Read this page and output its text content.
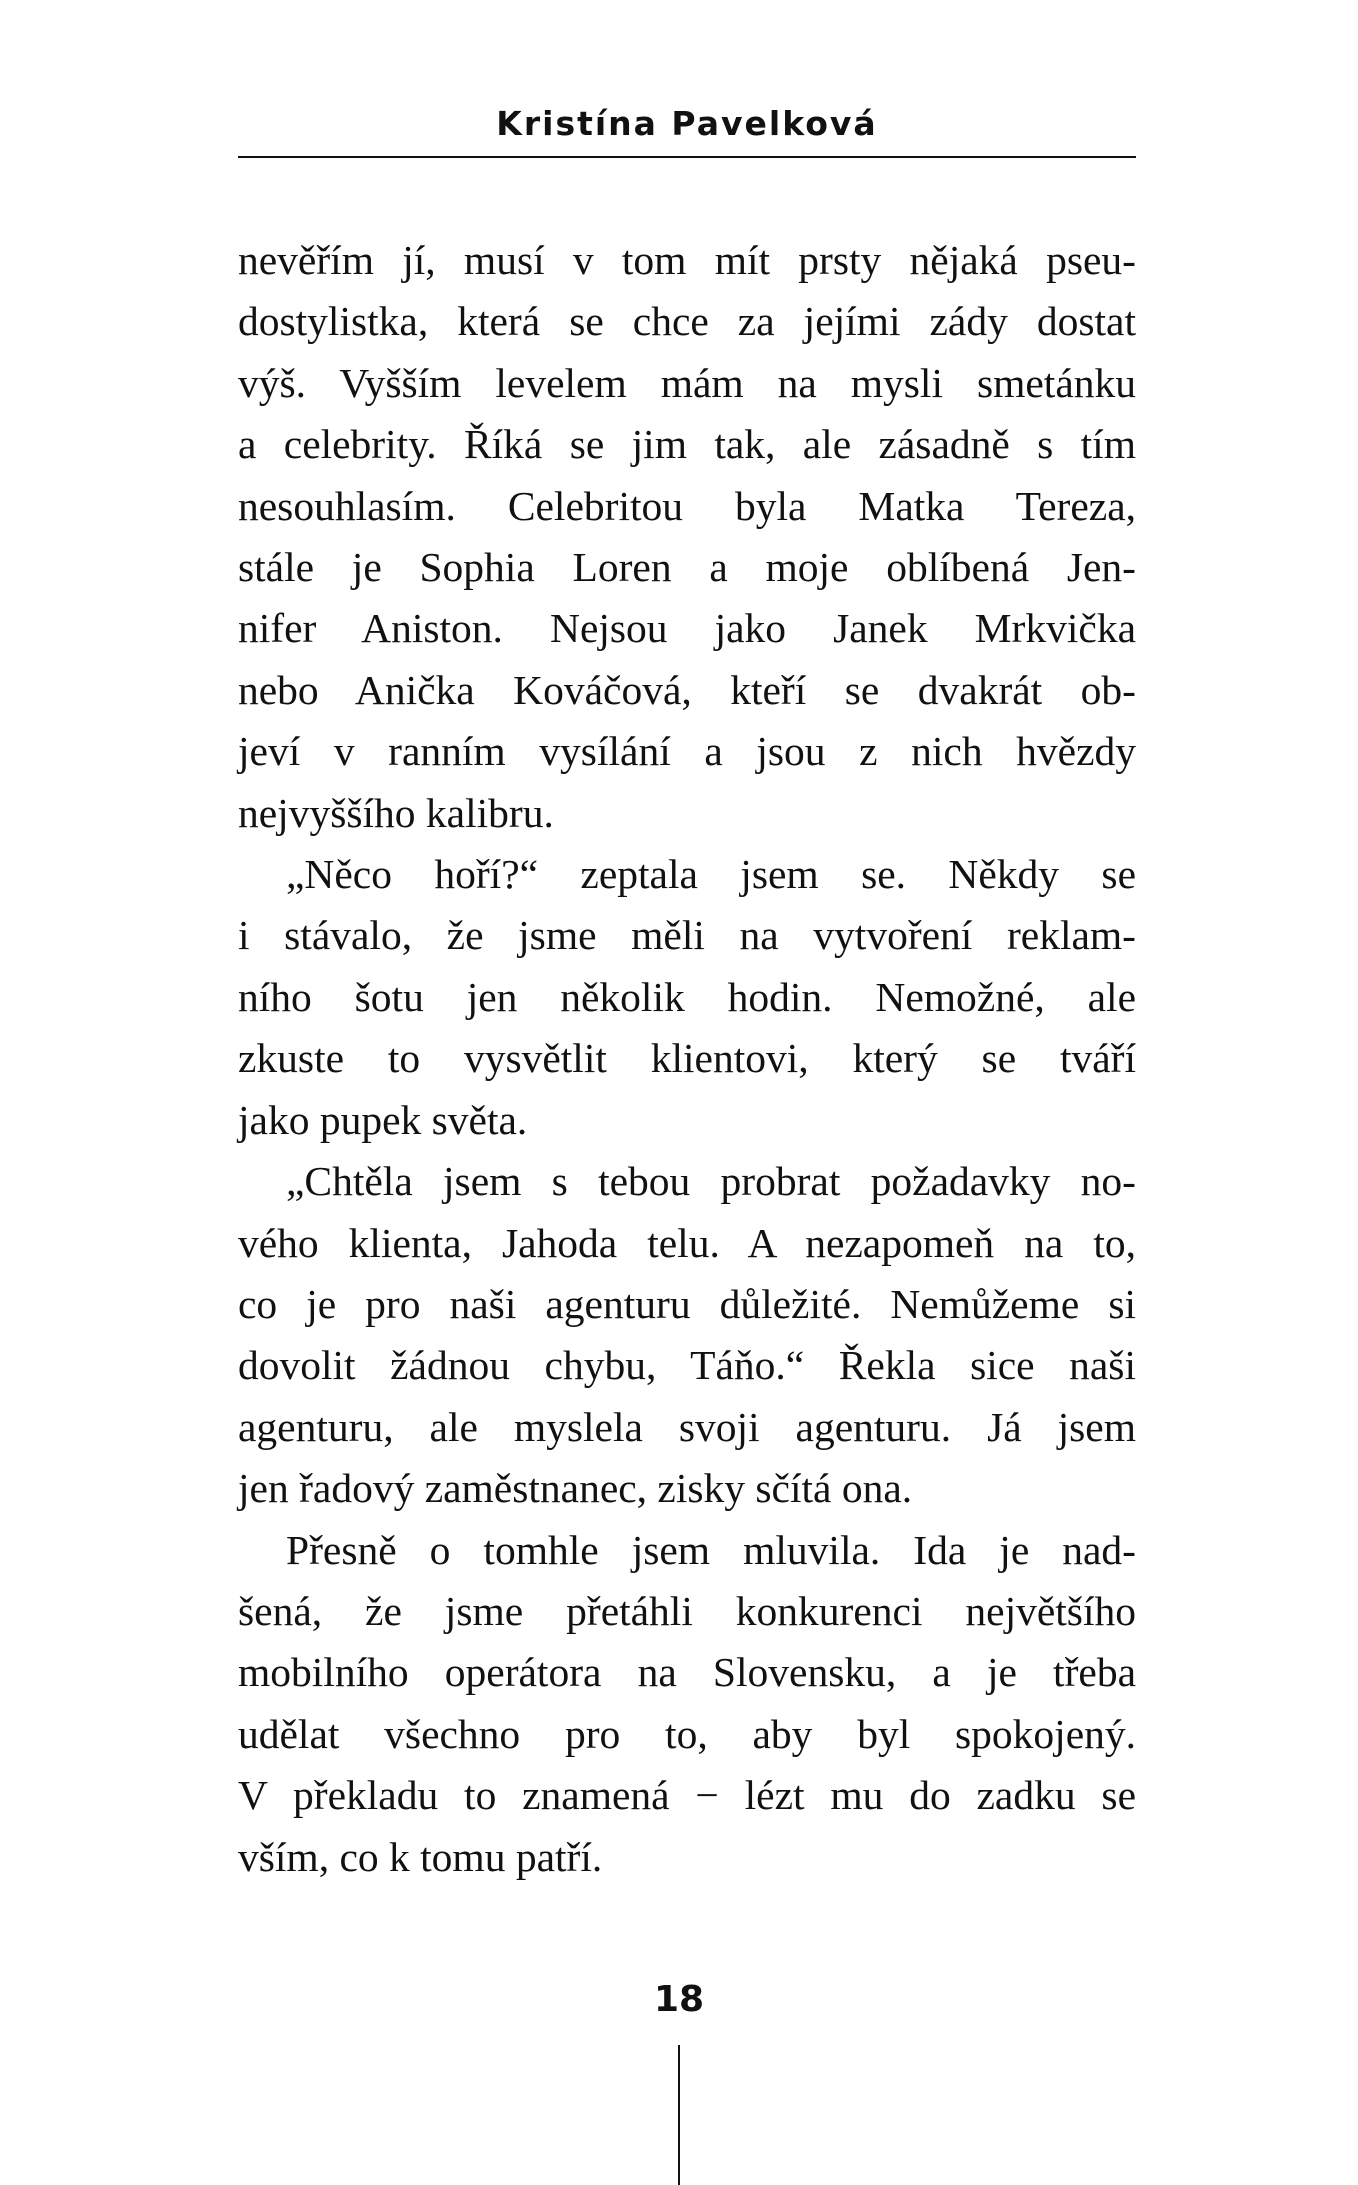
Kristína Pavelková

nevěřím jí, musí v tom mít prsty nějaká pseu-
dostylistka, která se chce za jejími zády dostat
výš. Vyšším levelem mám na mysli smetánku
a celebrity. Říká se jim tak, ale zásadně s tím
nesouhlasím. Celebritou byla Matka Tereza,
stále je Sophia Loren a moje oblíbená Jen-
nifer Aniston. Nejsou jako Janek Mrkvička
nebo Anička Kováčová, kteří se dvakrát ob-
jeví v ranním vysílání a jsou z nich hvězdy
nejvyššího kalibru.

„Něco hoří?“ zeptala jsem se. Někdy se
i stávalo, že jsme měli na vytvoření reklam-
ního šotu jen několik hodin. Nemožné, ale
zkuste to vysvětlit klientovi, který se tváří
jako pupek světa.

„Chtěla jsem s tebou probrat požadavky no-
vého klienta, Jahoda telu. A nezapomeň na to,
co je pro naši agenturu důležité. Nemůžeme si
dovolit žádnou chybu, Táňo.“ Řekla sice naši
agenturu, ale myslela svoji agenturu. Já jsem
jen řadový zaměstnanec, zisky sčítá ona.

Přesně o tomhle jsem mluvila. Ida je nad-
šená, že jsme přetáhli konkurenci největšího
mobilního operátora na Slovensku, a je třeba
udělat všechno pro to, aby byl spokojený.
V překladu to znamená − lézt mu do zadku se
vším, co k tomu patří.

18
